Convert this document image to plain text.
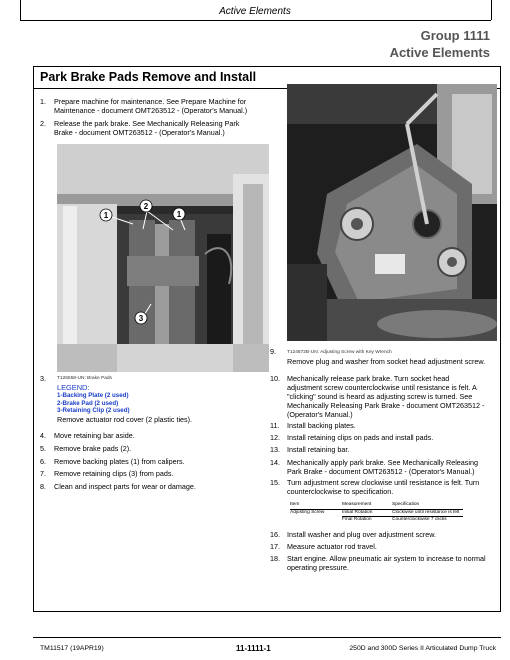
Active Elements
Group 1111
Active Elements
Park Brake Pads Remove and Install
1.	Prepare machine for maintenance. See Prepare Machine for
Maintenance - document OMT263512 - (Operator's Manual.)
2.	Release the park brake. See Mechanically Releasing Park
Brake - document OMT263512 - (Operator's Manual.)
1
2
1
3
3.	T126558-UN: Brake Pads
LEGEND:
1-Backing Plate (2 used)
2-Brake Pad (2 used)
3-Retaining Clip (2 used)
Remove actuator rod cover (2 plastic ties).
4.	Move retaining bar aside.
5.	Remove brake pads (2).
6.	Remove backing plates (1) from calipers.
7.	Remove retaining clips (3) from pads.
8.	Clean and inspect parts for wear or damage.
9.	T124872B-UN: Adjusting Screw with Key Wrench
Remove plug and washer from socket head adjustment screw.
10. Mechanically release park brake. Turn socket head
adjustment screw counterclockwise until resistance is felt. A
"clicking" sound is heard as adjusting screw is turned. See
Mechanically Releasing Park Brake - document OMT263512 -
(Operator's Manual.)
11.	Install backing plates.
12. Install retaining clips on pads and install pads.
13. Install retaining bar.
14. Mechanically apply park brake. See Mechanically Releasing
Park Brake - document OMT263512 - (Operator's Manual.)
15. Turn adjustment screw clockwise until resistance is felt. Turn
counterclockwise to specification.
Item	Measurement	Specification
Adjusting Screw	Initial Rotation	Clockwise until resistance is felt
	Final Rotation	Counterclockwise 7 clicks
16. Install washer and plug over adjustment screw.
17. Measure actuator rod travel.
18. Start engine. Allow pneumatic air system to increase to normal
operating pressure.
TM11517 (19APR19)	11-1111-1	250D and 300D Series II Articulated Dump Truck
